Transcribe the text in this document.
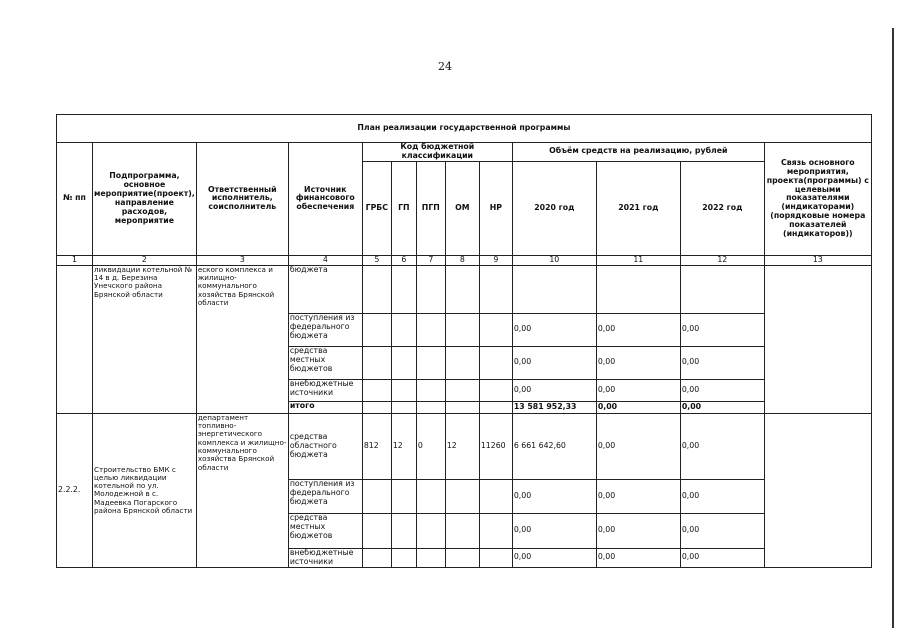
24
План реализации государственной программы												
№ пп	Подпрограмма, основное мероприятие(проект), направление расходов, мероприятие	Ответственный исполнитель, соисполнитель	Источник финансового обеспечения	Код бюджетной классификации					Объём средств на реализацию, рублей			Связь основного мероприятия, проекта(программы) с целевыми показателями (индикаторами) (порядковые номера показателей (индикаторов))
				ГРБС	ГП	ПГП	ОМ	НР	2020 год	2021 год	2022 год	
1	2	3	4	5	6	7	8	9	10	11	12	13
	ликвидации котельной № 14 в д. Березина Унечского района Брянской области	еского комплекса и жилищно-коммунального хозяйства Брянской области	бюджета									
			поступления из федерального бюджета						0,00	0,00	0,00	
			средства местных бюджетов						0,00	0,00	0,00	
			внебюджетные источники						0,00	0,00	0,00	
			итого						13 581 952,33	0,00	0,00	
2.2.2.	Строительство БМК с целью ликвидации котельной по ул. Молодежной в с. Мадеевка Погарского района Брянской области	департамент топливно-энергетического комплекса и жилищно-коммунального хозяйства Брянской области	средства областного бюджета	812	12	0	12	11260	6 661 642,60	0,00	0,00	
			поступления из федерального бюджета						0,00	0,00	0,00	
			средства местных бюджетов						0,00	0,00	0,00	
			внебюджетные источники						0,00	0,00	0,00	
